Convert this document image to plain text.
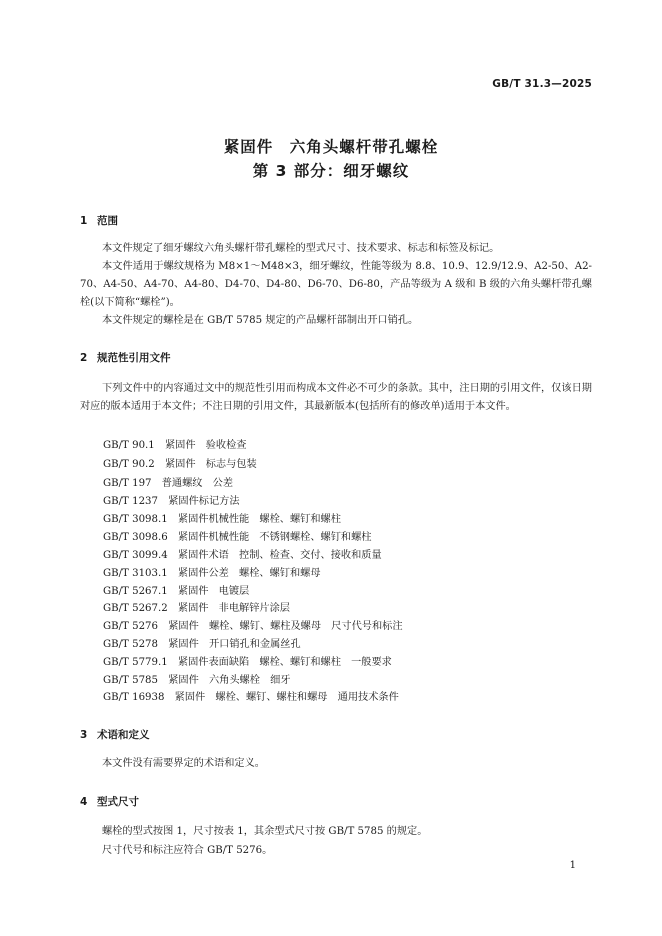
GB/T 31.3—2025
紧固件　六角头螺杆带孔螺栓
第 3 部分：细牙螺纹
1 范围
本文件规定了细牙螺纹六角头螺杆带孔螺栓的型式尺寸、技术要求、标志和标签及标记。
本文件适用于螺纹规格为 M8×1～M48×3，细牙螺纹，性能等级为 8.8、10.9、12.9/12.9、A2-50、A2-70、A4-50、A4-70、A4-80、D4-70、D4-80、D6-70、D6-80，产品等级为 A 级和 B 级的六角头螺杆带孔螺栓(以下简称“螺栓”)。
本文件规定的螺栓是在 GB/T 5785 规定的产品螺杆部制出开口销孔。
2 规范性引用文件
下列文件中的内容通过文中的规范性引用而构成本文件必不可少的条款。其中，注日期的引用文件，仅该日期对应的版本适用于本文件；不注日期的引用文件，其最新版本(包括所有的修改单)适用于本文件。
GB/T 90.1　紧固件　验收检查
GB/T 90.2　紧固件　标志与包装
GB/T 197　普通螺纹　公差
GB/T 1237　紧固件标记方法
GB/T 3098.1　紧固件机械性能　螺栓、螺钉和螺柱
GB/T 3098.6　紧固件机械性能　不锈钢螺栓、螺钉和螺柱
GB/T 3099.4　紧固件术语　控制、检查、交付、接收和质量
GB/T 3103.1　紧固件公差　螺栓、螺钉和螺母
GB/T 5267.1　紧固件　电镀层
GB/T 5267.2　紧固件　非电解锌片涂层
GB/T 5276　紧固件　螺栓、螺钉、螺柱及螺母　尺寸代号和标注
GB/T 5278　紧固件　开口销孔和金属丝孔
GB/T 5779.1　紧固件表面缺陷　螺栓、螺钉和螺柱　一般要求
GB/T 5785　紧固件　六角头螺栓　细牙
GB/T 16938　紧固件　螺栓、螺钉、螺柱和螺母　通用技术条件
3 术语和定义
本文件没有需要界定的术语和定义。
4 型式尺寸
螺栓的型式按图 1，尺寸按表 1，其余型式尺寸按 GB/T 5785 的规定。
尺寸代号和标注应符合 GB/T 5276。
1
